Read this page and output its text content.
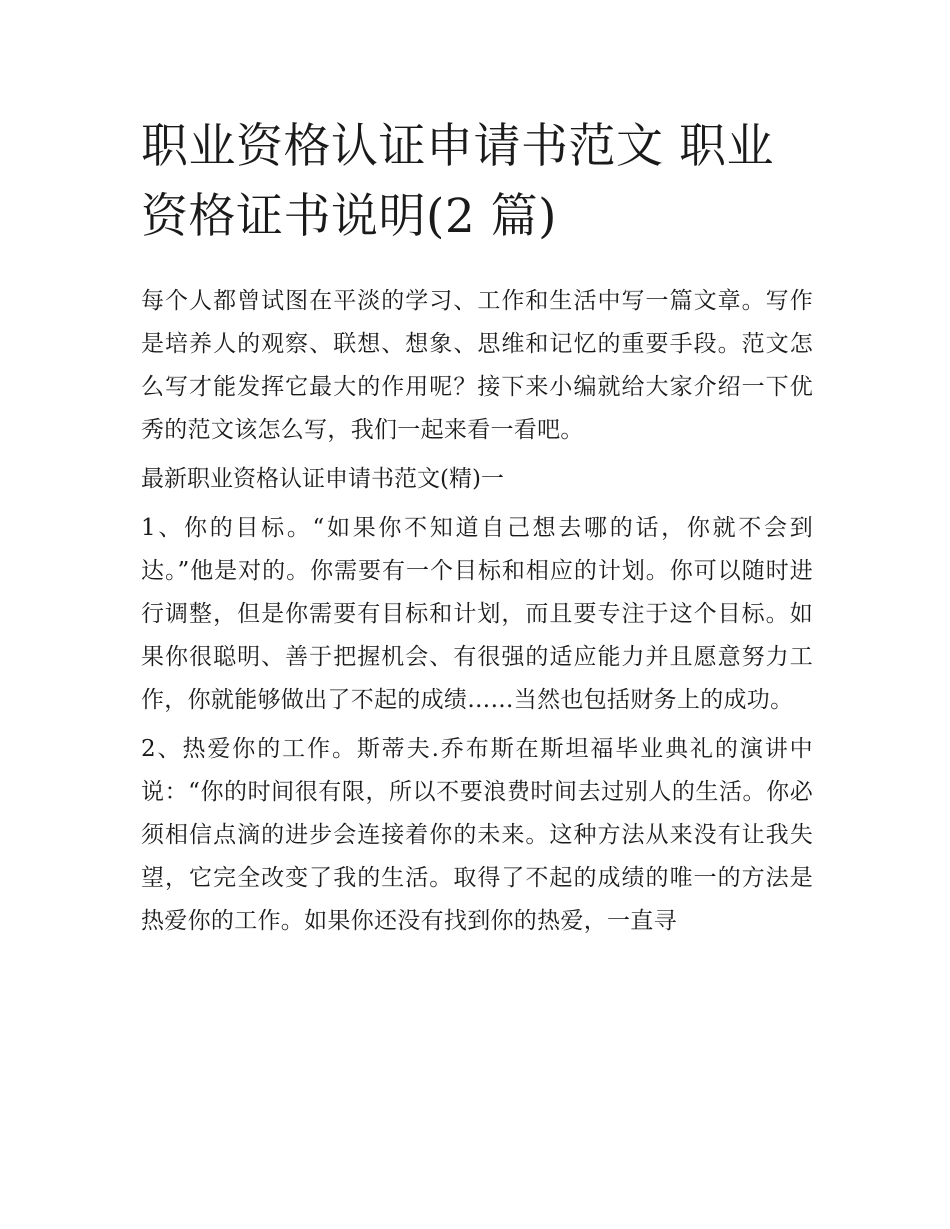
职业资格认证申请书范文 职业资格证书说明(2 篇)

每个人都曾试图在平淡的学习、工作和生活中写一篇文章。写作是培养人的观察、联想、想象、思维和记忆的重要手段。范文怎么写才能发挥它最大的作用呢？接下来小编就给大家介绍一下优秀的范文该怎么写，我们一起来看一看吧。

最新职业资格认证申请书范文(精)一

1、你的目标。“如果你不知道自己想去哪的话，你就不会到达。”他是对的。你需要有一个目标和相应的计划。你可以随时进行调整，但是你需要有目标和计划，而且要专注于这个目标。如果你很聪明、善于把握机会、有很强的适应能力并且愿意努力工作，你就能够做出了不起的成绩……当然也包括财务上的成功。

2、热爱你的工作。斯蒂夫.乔布斯在斯坦福毕业典礼的演讲中说：“你的时间很有限，所以不要浪费时间去过别人的生活。你必须相信点滴的进步会连接着你的未来。这种方法从来没有让我失望，它完全改变了我的生活。取得了不起的成绩的唯一的方法是热爱你的工作。如果你还没有找到你的热爱，一直寻
